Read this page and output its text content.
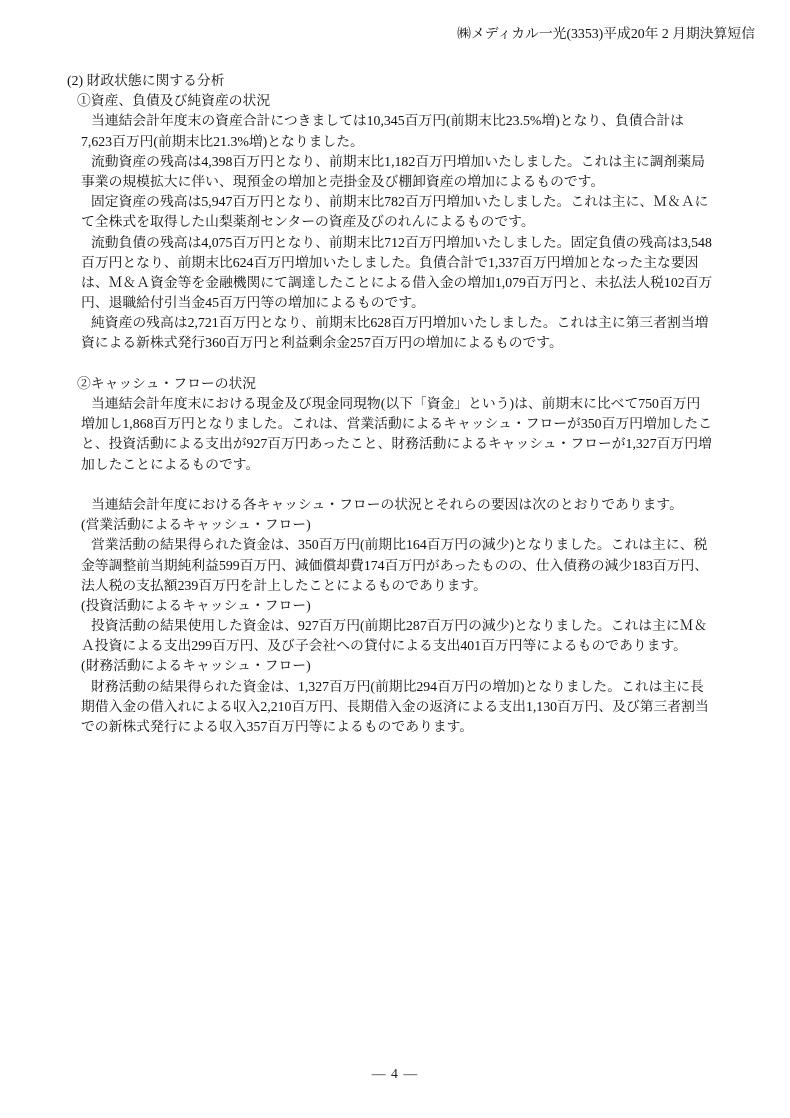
㈱メディカル一光(3353)平成20年 2 月期決算短信
(2) 財政状態に関する分析
①資産、負債及び純資産の状況
当連結会計年度末の資産合計につきましては10,345百万円(前期末比23.5%増)となり、負債合計は
7,623百万円(前期末比21.3%増)となりました。
流動資産の残高は4,398百万円となり、前期末比1,182百万円増加いたしました。これは主に調剤薬局
事業の規模拡大に伴い、現預金の増加と売掛金及び棚卸資産の増加によるものです。
固定資産の残高は5,947百万円となり、前期末比782百万円増加いたしました。これは主に、Ｍ＆Ａに
て全株式を取得した山梨薬剤センターの資産及びのれんによるものです。
流動負債の残高は4,075百万円となり、前期末比712百万円増加いたしました。固定負債の残高は3,548
百万円となり、前期末比624百万円増加いたしました。負債合計で1,337百万円増加となった主な要因
は、Ｍ＆Ａ資金等を金融機関にて調達したことによる借入金の増加1,079百万円と、未払法人税102百万
円、退職給付引当金45百万円等の増加によるものです。
純資産の残高は2,721百万円となり、前期末比628百万円増加いたしました。これは主に第三者割当増
資による新株式発行360百万円と利益剰余金257百万円の増加によるものです。
②キャッシュ・フローの状況
当連結会計年度末における現金及び現金同現物(以下「資金」という)は、前期末に比べて750百万円
増加し1,868百万円となりました。これは、営業活動によるキャッシュ・フローが350百万円増加したこ
と、投資活動による支出が927百万円あったこと、財務活動によるキャッシュ・フローが1,327百万円増
加したことによるものです。
当連結会計年度における各キャッシュ・フローの状況とそれらの要因は次のとおりであります。
(営業活動によるキャッシュ・フロー)
営業活動の結果得られた資金は、350百万円(前期比164百万円の減少)となりました。これは主に、税
金等調整前当期純利益599百万円、減価償却費174百万円があったものの、仕入債務の減少183百万円、
法人税の支払額239百万円を計上したことによるものであります。
(投資活動によるキャッシュ・フロー)
投資活動の結果使用した資金は、927百万円(前期比287百万円の減少)となりました。これは主にＭ＆
Ａ投資による支出299百万円、及び子会社への貸付による支出401百万円等によるものであります。
(財務活動によるキャッシュ・フロー)
財務活動の結果得られた資金は、1,327百万円(前期比294百万円の増加)となりました。これは主に長
期借入金の借入れによる収入2,210百万円、長期借入金の返済による支出1,130百万円、及び第三者割当
での新株式発行による収入357百万円等によるものであります。
― 4 ―
